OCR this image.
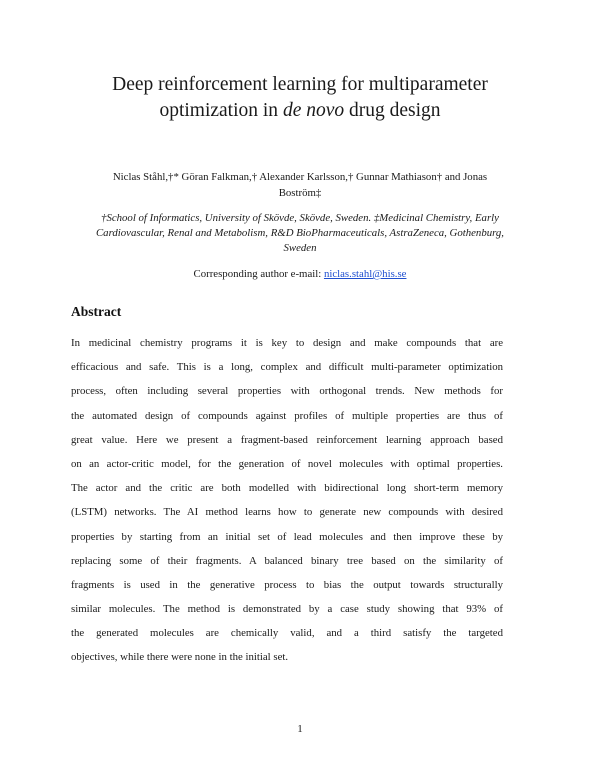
Deep reinforcement learning for multiparameter
optimization in de novo drug design
Niclas Ståhl,†* Göran Falkman,† Alexander Karlsson,† Gunnar Mathiason† and Jonas
Boström‡
†School of Informatics, University of Skövde, Skövde, Sweden. ‡Medicinal Chemistry, Early
Cardiovascular, Renal and Metabolism, R&D BioPharmaceuticals, AstraZeneca, Gothenburg,
Sweden
Corresponding author e-mail: niclas.stahl@his.se
Abstract
In medicinal chemistry programs it is key to design and make compounds that are
efficacious and safe. This is a long, complex and difficult multi-parameter optimization
process, often including several properties with orthogonal trends. New methods for
the automated design of compounds against profiles of multiple properties are thus of
great value. Here we present a fragment-based reinforcement learning approach based
on an actor-critic model, for the generation of novel molecules with optimal properties.
The actor and the critic are both modelled with bidirectional long short-term memory
(LSTM) networks. The AI method learns how to generate new compounds with desired
properties by starting from an initial set of lead molecules and then improve these by
replacing some of their fragments. A balanced binary tree based on the similarity of
fragments is used in the generative process to bias the output towards structurally
similar molecules. The method is demonstrated by a case study showing that 93% of
the generated molecules are chemically valid, and a third satisfy the targeted
objectives, while there were none in the initial set.
1
